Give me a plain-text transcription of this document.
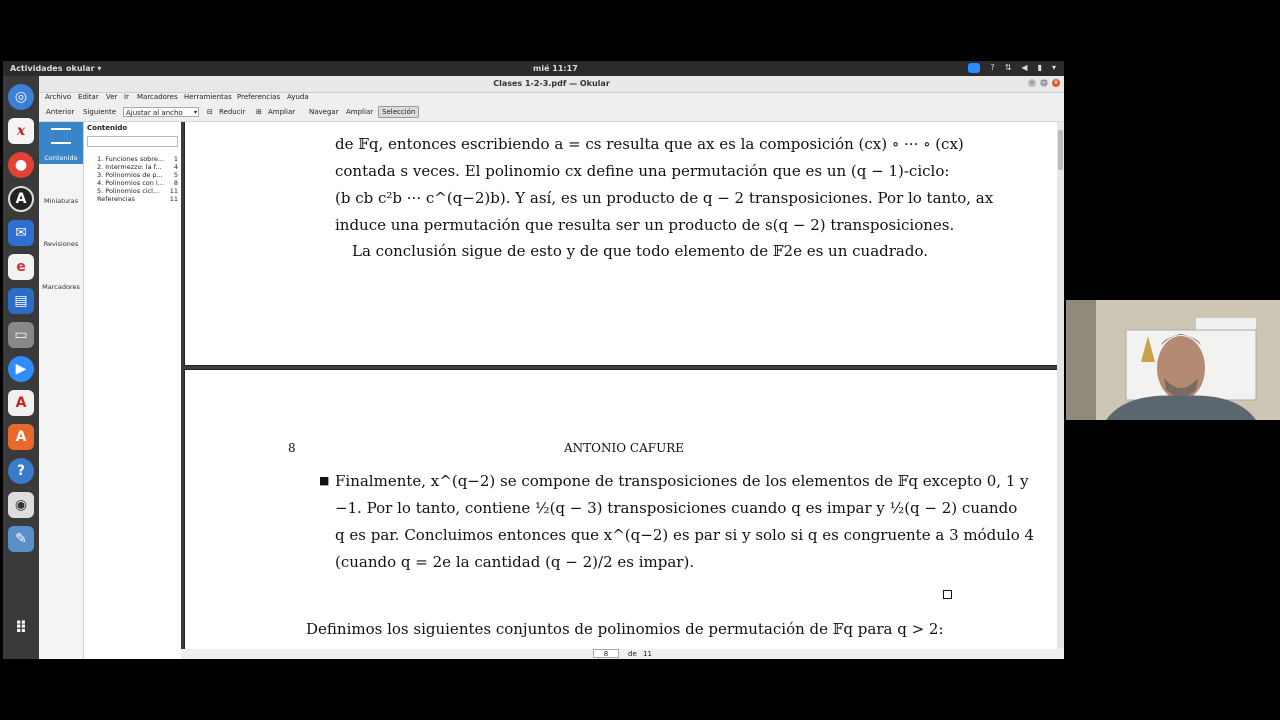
Actividades okular ▾	mié 11:17	? ⇅ ◀ ▮ ▾
◎
x
●
A
✉
e
▤
▭
▶
A
A
?
◉
✎
⠿
Clases 1-2-3.pdf — Okular	–	□ ×
Archivo Editar Ver Ir Marcadores Herramientas Preferencias Ayuda
Anterior Siguiente	Ajustar al ancho ▾ ⊟ Reducir ⊞ Ampliar Navegar Ampliar	Selección
Contenido
Miniaturas
Revisiones
Marcadores
Contenido
1. Funciones sobre...	1
2. Intermezzo: la f...	4
3. Polinomios de p...	5
4. Polinomios con i...	8
5. Polinomios cicl...	11
Referencias	11
de 𝔽q, entonces escribiendo a = cs resulta que ax es la composición (cx) ∘ ··· ∘ (cx)
contada s veces. El polinomio cx define una permutación que es un (q − 1)-ciclo:
(b cb c²b ··· c^(q−2)b). Y así, es un producto de q − 2 transposiciones. Por lo tanto, ax
induce una permutación que resulta ser un producto de s(q − 2) transposiciones.
La conclusión sigue de esto y de que todo elemento de 𝔽2e es un cuadrado.
8	ANTONIO CAFURE
■ Finalmente, x^(q−2) se compone de transposiciones de los elementos de 𝔽q excepto 0, 1 y
−1. Por lo tanto, contiene ½(q − 3) transposiciones cuando q es impar y ½(q − 2) cuando
q es par. Concluimos entonces que x^(q−2) es par si y solo si q es congruente a 3 módulo 4
(cuando q = 2e la cantidad (q − 2)/2 es impar).
Definimos los siguientes conjuntos de polinomios de permutación de 𝔽q para q > 2:
8	de 11
